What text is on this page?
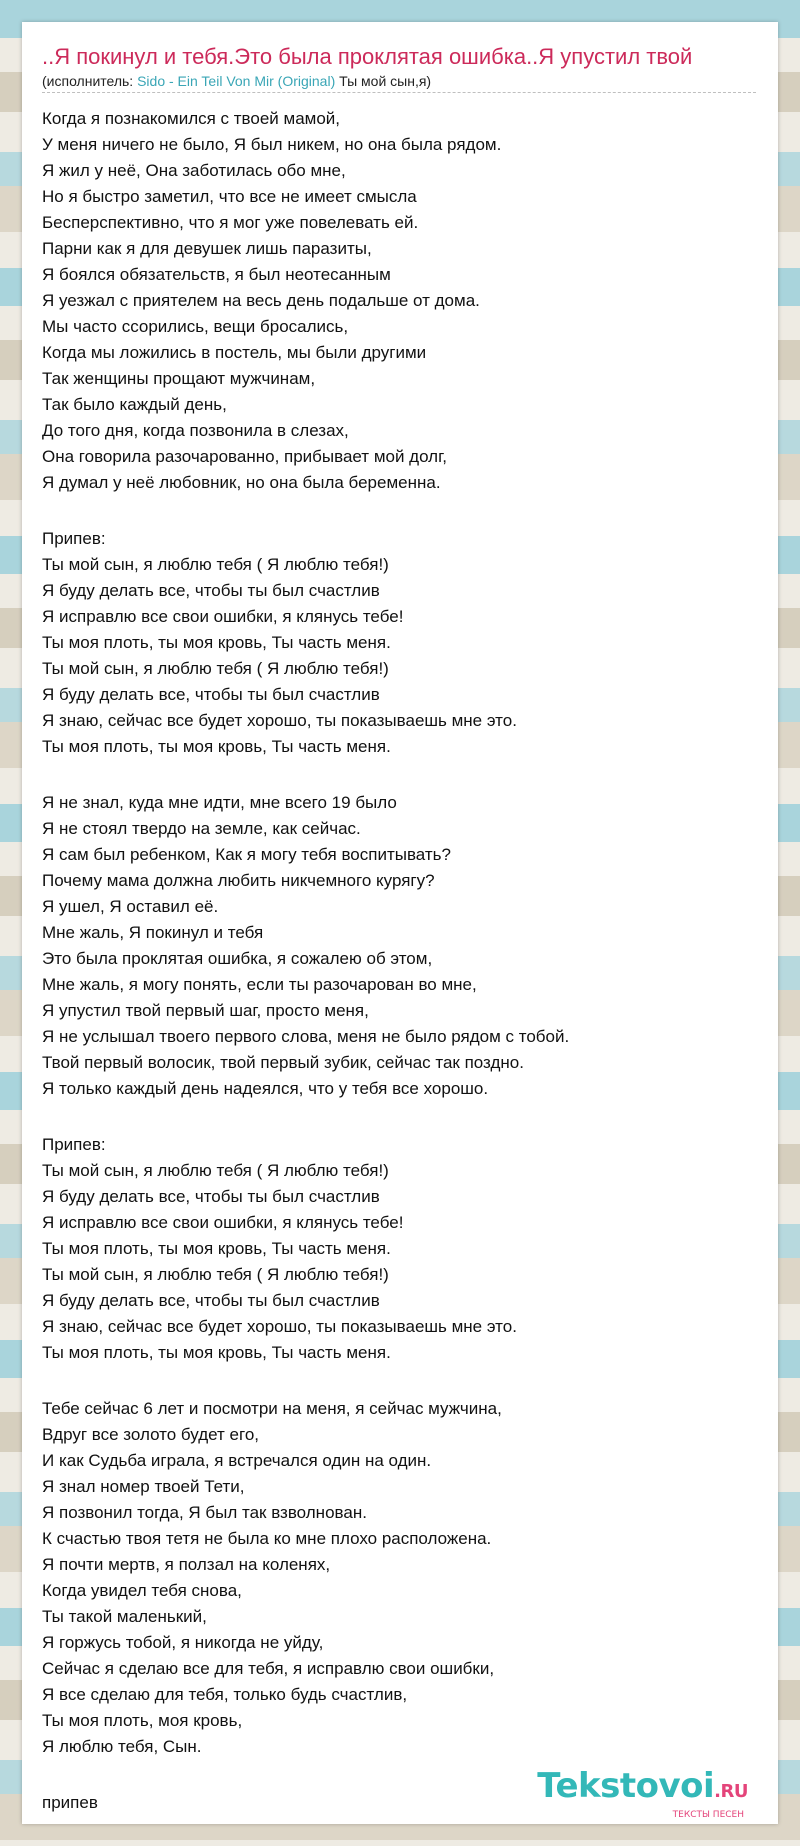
..Я покинул и тебя.Это была проклятая ошибка..Я упустил твой
(исполнитель: Sido - Ein Teil Von Mir (Original) Ты мой сын,я)
Когда я познакомился с твоей мамой,
У меня ничего не было, Я был никем, но она была рядом.
Я жил у неё, Она заботилась обо мне,
Но я быстро заметил, что все не имеет смысла
Бесперспективно, что я мог уже повелевать ей.
Парни как я для девушек лишь паразиты,
Я боялся обязательств, я был неотесанным
Я уезжал с приятелем на весь день подальше от дома.
Мы часто ссорились, вещи бросались,
Когда мы ложились в постель, мы были другими
Так женщины прощают мужчинам,
Так было каждый день,
До того дня, когда позвонила в слезах,
Она говорила разочарованно, прибывает мой долг,
Я думал у неё любовник, но она была беременна.
Припев:
Ты мой сын, я люблю тебя ( Я люблю тебя!)
Я буду делать все, чтобы ты был счастлив
Я исправлю все свои ошибки, я клянусь тебе!
Ты моя плоть, ты моя кровь, Ты часть меня.
Ты мой сын, я люблю тебя ( Я люблю тебя!)
Я буду делать все, чтобы ты был счастлив
Я знаю, сейчас все будет хорошо, ты показываешь мне это.
Ты моя плоть, ты моя кровь, Ты часть меня.
Я не знал, куда мне идти, мне всего 19 было
Я не стоял твердо на земле, как сейчас.
Я сам был ребенком, Как я могу тебя воспитывать?
Почему мама должна любить никчемного курягу?
Я ушел, Я оставил её.
Мне жаль, Я покинул и тебя
Это была проклятая ошибка, я сожалею об этом,
Мне жаль, я могу понять, если ты разочарован во мне,
Я упустил твой первый шаг, просто меня,
Я не услышал твоего первого слова, меня не было рядом с тобой.
Твой первый волосик, твой первый зубик, сейчас так поздно.
Я только каждый день надеялся, что у тебя все хорошо.
Припев:
Ты мой сын, я люблю тебя ( Я люблю тебя!)
Я буду делать все, чтобы ты был счастлив
Я исправлю все свои ошибки, я клянусь тебе!
Ты моя плоть, ты моя кровь, Ты часть меня.
Ты мой сын, я люблю тебя ( Я люблю тебя!)
Я буду делать все, чтобы ты был счастлив
Я знаю, сейчас все будет хорошо, ты показываешь мне это.
Ты моя плоть, ты моя кровь, Ты часть меня.
Тебе сейчас 6 лет и посмотри на меня, я сейчас мужчина,
Вдруг все золото будет его,
И как Судьба играла, я встречался один на один.
Я знал номер твоей Тети,
Я позвонил тогда, Я был так взволнован.
К счастью твоя тетя не была ко мне плохо расположена.
Я почти мертв, я ползал на коленях,
Когда увидел тебя снова,
Ты такой маленький,
Я горжусь тобой, я никогда не уйду,
Сейчас я сделаю все для тебя, я исправлю свои ошибки,
Я все сделаю для тебя, только будь счастлив,
Ты моя плоть, моя кровь,
Я люблю тебя, Сын.
припев	Tekstovoi.RU
ТЕКСТЫ ПЕСЕН
